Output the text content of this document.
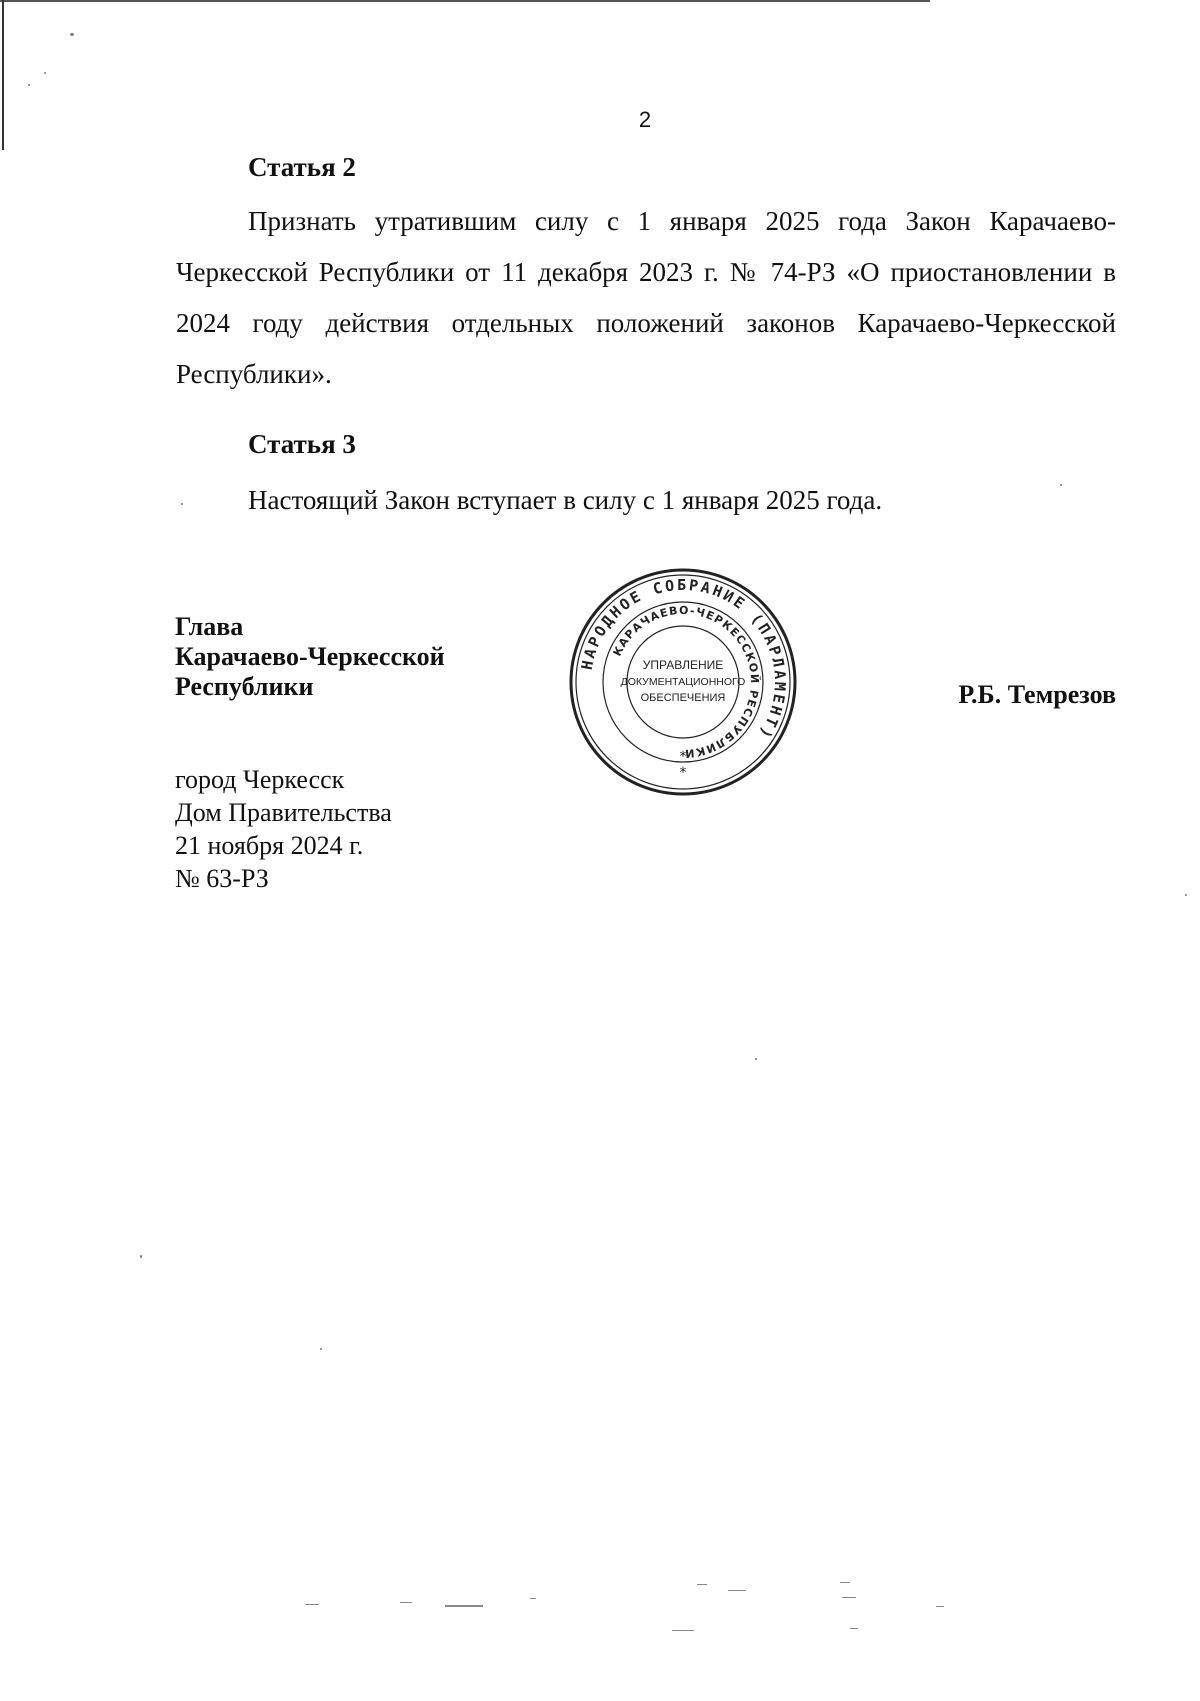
2
Статья 2
Признать утратившим силу с 1 января 2025 года Закон Карачаево-Черкесской Республики от 11 декабря 2023 г. № 74-РЗ «О приостановлении в 2024 году действия отдельных положений законов Карачаево-Черкесской Республики».
Статья 3
Настоящий Закон вступает в силу с 1 января 2025 года.
Глава
Карачаево-Черкесской
Республики	Р.Б. Темрезов
город Черкесск
Дом Правительства
21 ноября 2024 г.
№ 63-РЗ
НАРОДНОЕ СОБРАНИЕ (ПАРЛАМЕНТ)
КАРАЧАЕВО-ЧЕРКЕССКОЙ РЕСПУБЛИКИ
УПРАВЛЕНИЕ
ДОКУМЕНТАЦИОННОГО
ОБЕСПЕЧЕНИЯ
*
*
